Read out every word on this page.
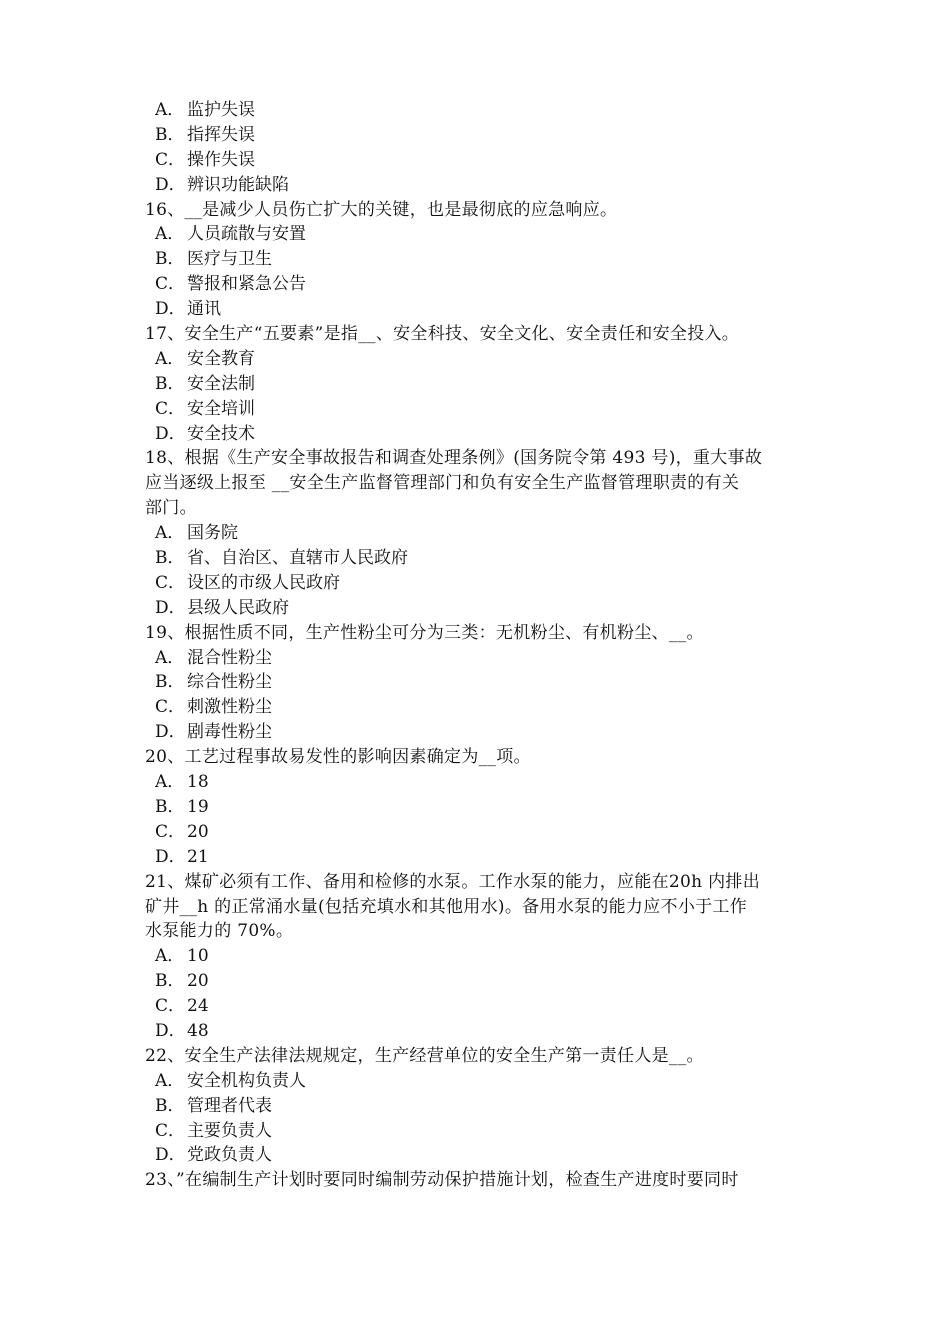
A． 监护失误
B． 指挥失误
C． 操作失误
D．辨识功能缺陷
16、__是减少人员伤亡扩大的关键，也是最彻底的应急响应。
A． 人员疏散与安置
B． 医疗与卫生
C． 警报和紧急公告
D．通讯
17、安全生产“五要素”是指__、安全科技、安全文化、安全责任和安全投入。
A． 安全教育
B． 安全法制
C． 安全培训
D．安全技术
18、根据《生产安全事故报告和调查处理条例》(国务院令第 493 号)，重大事故
应当逐级上报至 __安全生产监督管理部门和负有安全生产监督管理职责的有关
部门。
A． 国务院
B． 省、自治区、直辖市人民政府
C． 设区的市级人民政府
D．县级人民政府
19、根据性质不同，生产性粉尘可分为三类：无机粉尘、有机粉尘、__。
A． 混合性粉尘
B． 综合性粉尘
C． 刺激性粉尘
D．剧毒性粉尘
20、工艺过程事故易发性的影响因素确定为__项。
A． 18
B． 19
C． 20
D．21
21、煤矿必须有工作、备用和检修的水泵。工作水泵的能力，应能在20h 内排出
矿井__h 的正常涌水量(包括充填水和其他用水)。备用水泵的能力应不小于工作
水泵能力的 70%。
A． 10
B． 20
C． 24
D．48
22、安全生产法律法规规定，生产经营单位的安全生产第一责任人是__。
A． 安全机构负责人
B． 管理者代表
C． 主要负责人
D．党政负责人
23、”在编制生产计划时要同时编制劳动保护措施计划，检查生产进度时要同时
